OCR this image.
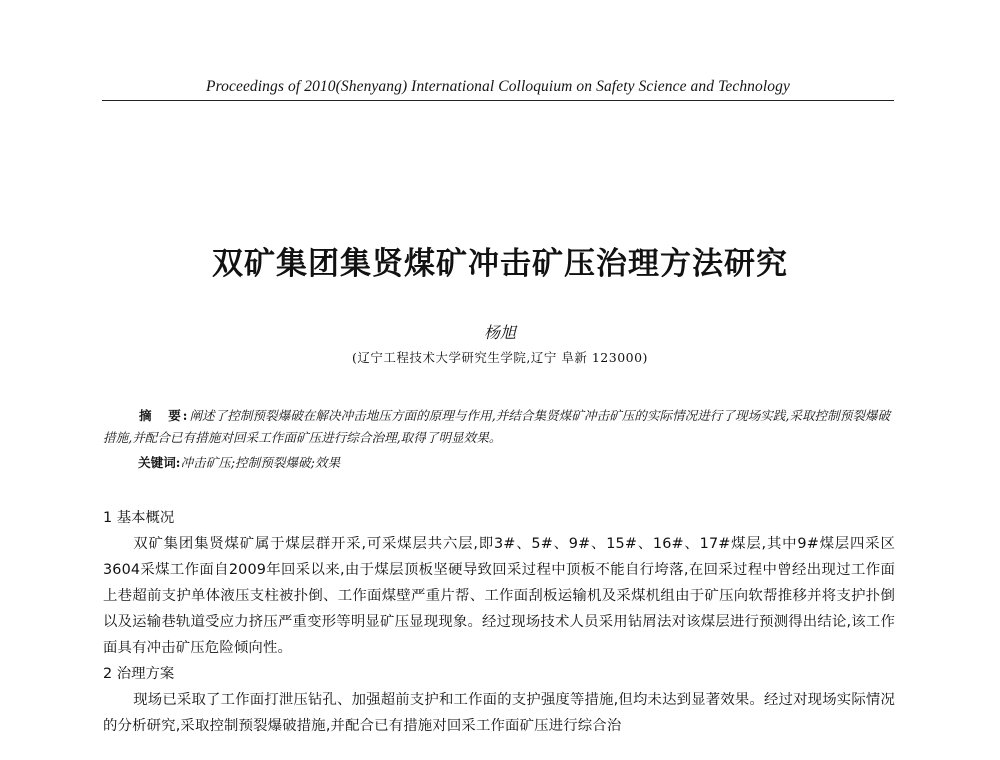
Proceedings of 2010(Shenyang) International Colloquium on Safety Science and Technology
双矿集团集贤煤矿冲击矿压治理方法研究
杨旭
(辽宁工程技术大学研究生学院,辽宁 阜新 123000)

摘　要:阐述了控制预裂爆破在解决冲击地压方面的原理与作用,并结合集贤煤矿冲击矿压的实际情况进行了现场实践,采取控制预裂爆破措施,并配合已有措施对回采工作面矿压进行综合治理,取得了明显效果。

关键词:冲击矿压;控制预裂爆破;效果
1 基本概况

双矿集团集贤煤矿属于煤层群开采,可采煤层共六层,即3#、5#、9#、15#、16#、17#煤层,其中9#煤层四采区3604采煤工作面自2009年回采以来,由于煤层顶板坚硬导致回采过程中顶板不能自行垮落,在回采过程中曾经出现过工作面上巷超前支护单体液压支柱被扑倒、工作面煤壁严重片帮、工作面刮板运输机及采煤机组由于矿压向软帮推移并将支护扑倒以及运输巷轨道受应力挤压严重变形等明显矿压显现现象。经过现场技术人员采用钻屑法对该煤层进行预测得出结论,该工作面具有冲击矿压危险倾向性。

2 治理方案

现场已采取了工作面打泄压钻孔、加强超前支护和工作面的支护强度等措施,但均未达到显著效果。经过对现场实际情况的分析研究,采取控制预裂爆破措施,并配合已有措施对回采工作面矿压进行综合治
